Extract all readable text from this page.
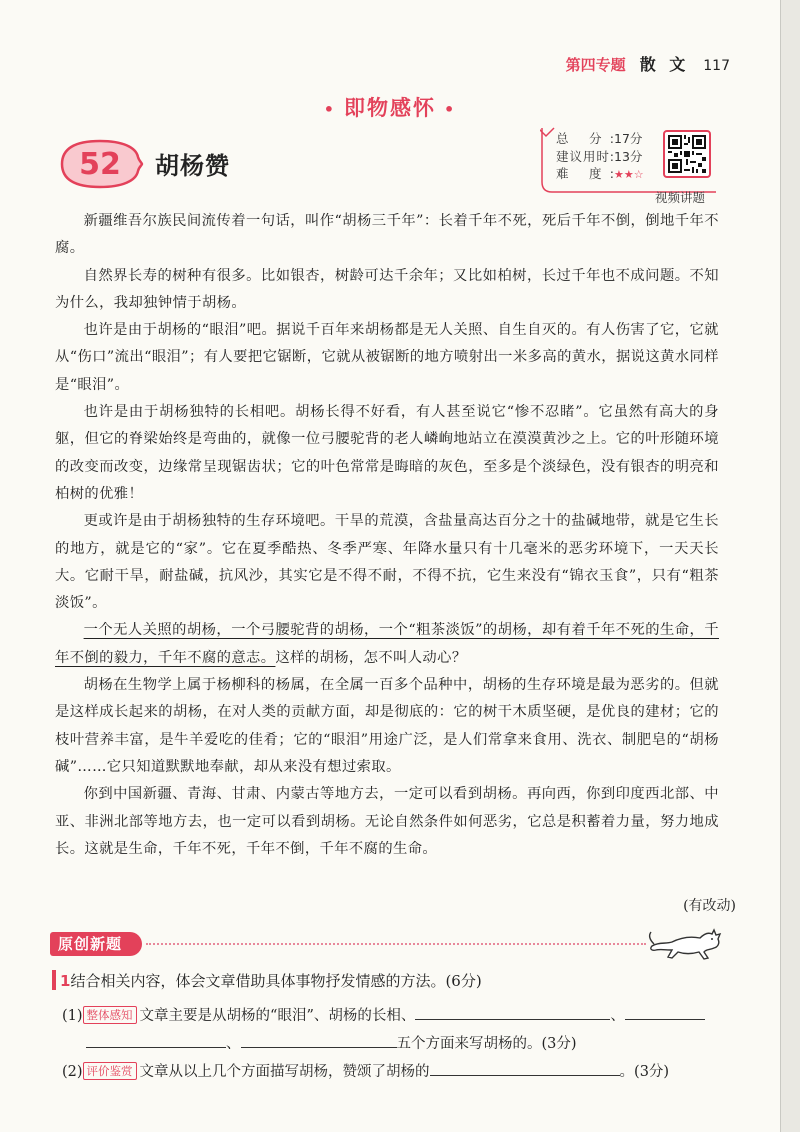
第四专题 散 文 117
• 即物感怀 •
52	胡杨赞
总 分:17分
建议用时:13分
难 度:★★☆
视频讲题

新疆维吾尔族民间流传着一句话，叫作“胡杨三千年”：长着千年不死，死后千年不倒，倒地千年不腐。

自然界长寿的树种有很多。比如银杏，树龄可达千余年；又比如柏树，长过千年也不成问题。不知为什么，我却独钟情于胡杨。

也许是由于胡杨的“眼泪”吧。据说千百年来胡杨都是无人关照、自生自灭的。有人伤害了它，它就从“伤口”流出“眼泪”；有人要把它锯断，它就从被锯断的地方喷射出一米多高的黄水，据说这黄水同样是“眼泪”。

也许是由于胡杨独特的长相吧。胡杨长得不好看，有人甚至说它“惨不忍睹”。它虽然有高大的身躯，但它的脊梁始终是弯曲的，就像一位弓腰驼背的老人嶙峋地站立在漠漠黄沙之上。它的叶形随环境的改变而改变，边缘常呈现锯齿状；它的叶色常常是晦暗的灰色，至多是个淡绿色，没有银杏的明亮和柏树的优雅！

更或许是由于胡杨独特的生存环境吧。干旱的荒漠，含盐量高达百分之十的盐碱地带，就是它生长的地方，就是它的“家”。它在夏季酷热、冬季严寒、年降水量只有十几毫米的恶劣环境下，一天天长大。它耐干旱，耐盐碱，抗风沙，其实它是不得不耐，不得不抗，它生来没有“锦衣玉食”，只有“粗茶淡饭”。

一个无人关照的胡杨，一个弓腰驼背的胡杨，一个“粗茶淡饭”的胡杨，却有着千年不死的生命，千年不倒的毅力，千年不腐的意志。这样的胡杨，怎不叫人动心？

胡杨在生物学上属于杨柳科的杨属，在全属一百多个品种中，胡杨的生存环境是最为恶劣的。但就是这样成长起来的胡杨，在对人类的贡献方面，却是彻底的：它的树干木质坚硬，是优良的建材；它的枝叶营养丰富，是牛羊爱吃的佳肴；它的“眼泪”用途广泛，是人们常拿来食用、洗衣、制肥皂的“胡杨碱”……它只知道默默地奉献，却从来没有想过索取。

你到中国新疆、青海、甘肃、内蒙古等地方去，一定可以看到胡杨。再向西，你到印度西北部、中亚、非洲北部等地方去，也一定可以看到胡杨。无论自然条件如何恶劣，它总是积蓄着力量，努力地成长。这就是生命，千年不死，千年不倒，千年不腐的生命。

(有改动)
原创新题
1结合相关内容，体会文章借助具体事物抒发情感的方法。(6分)
(1) 整体感知 文章主要是从胡杨的“眼泪”、胡杨的长相、	、
、	五个方面来写胡杨的。(3分)
(2) 评价鉴赏 文章从以上几个方面描写胡杨，赞颂了胡杨的	。(3分)
